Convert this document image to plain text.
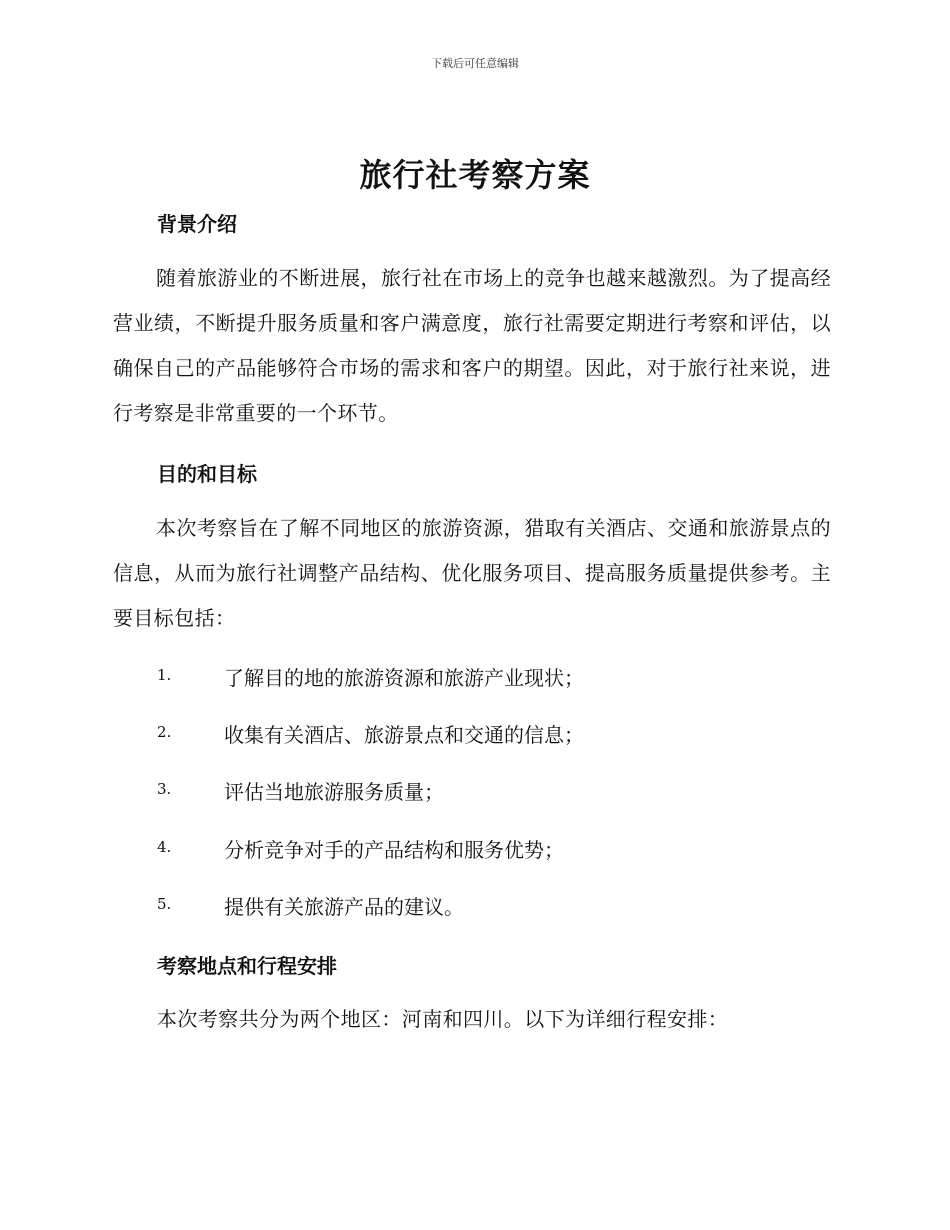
下载后可任意编辑
旅行社考察方案
背景介绍
随着旅游业的不断进展，旅行社在市场上的竞争也越来越激烈。为了提高经营业绩，不断提升服务质量和客户满意度，旅行社需要定期进行考察和评估，以确保自己的产品能够符合市场的需求和客户的期望。因此，对于旅行社来说，进行考察是非常重要的一个环节。
目的和目标
本次考察旨在了解不同地区的旅游资源，猎取有关酒店、交通和旅游景点的信息，从而为旅行社调整产品结构、优化服务项目、提高服务质量提供参考。主要目标包括：
1.	了解目的地的旅游资源和旅游产业现状；
2.	收集有关酒店、旅游景点和交通的信息；
3.	评估当地旅游服务质量；
4.	分析竞争对手的产品结构和服务优势；
5.	提供有关旅游产品的建议。
考察地点和行程安排
本次考察共分为两个地区：河南和四川。以下为详细行程安排：
